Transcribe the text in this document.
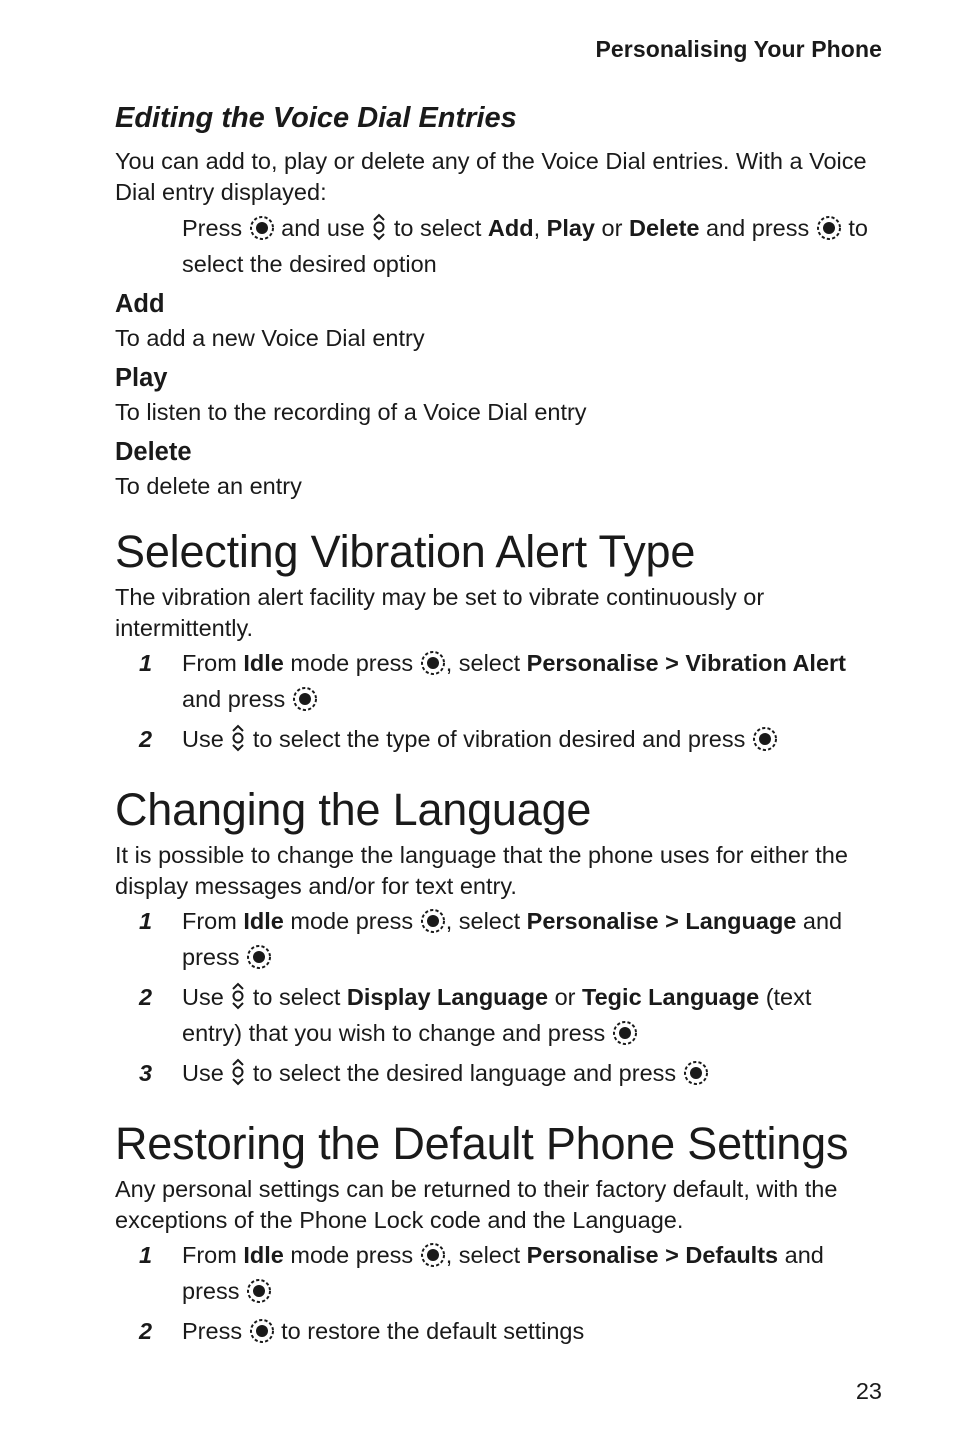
Personalising Your Phone
Editing the Voice Dial Entries

You can add to, play or delete any of the Voice Dial entries. With a Voice Dial entry displayed:

Press and use to select Add, Play or Delete and press to select the desired option

Add

To add a new Voice Dial entry

Play

To listen to the recording of a Voice Dial entry

Delete

To delete an entry

Selecting Vibration Alert Type

The vibration alert facility may be set to vibrate continuously or intermittently.

1	From Idle mode press , select Personalise > Vibration Alert and press
2	Use to select the type of vibration desired and press
Changing the Language

It is possible to change the language that the phone uses for either the display messages and/or for text entry.

1	From Idle mode press , select Personalise > Language and press
2	Use to select Display Language or Tegic Language (text entry) that you wish to change and press
3	Use to select the desired language and press
Restoring the Default Phone Settings

Any personal settings can be returned to their factory default, with the exceptions of the Phone Lock code and the Language.

1	From Idle mode press , select Personalise > Defaults and press
2	Press to restore the default settings
23
